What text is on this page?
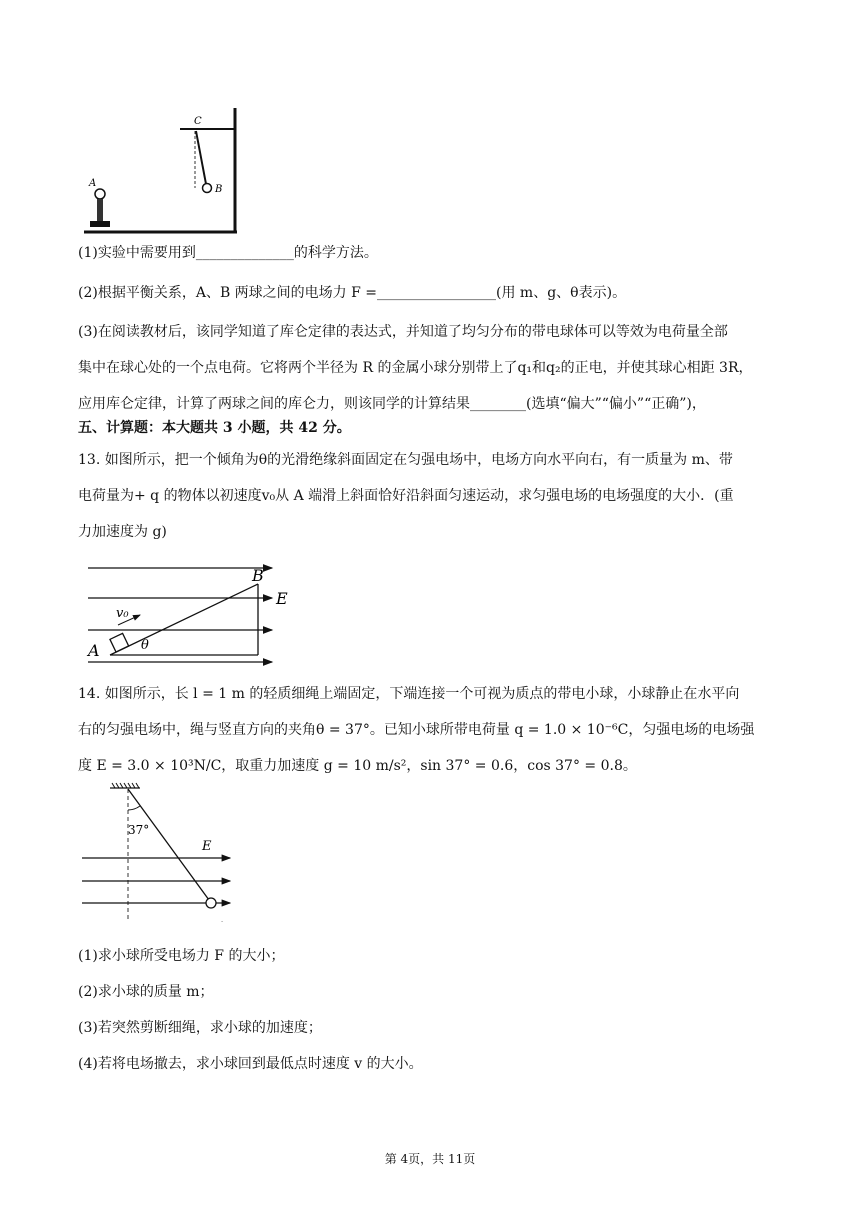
C
B
A
(1)实验中需要用到______________的科学方法。
(2)根据平衡关系，A、B 两球之间的电场力 F =_________________(用 m、g、θ表示)。
(3)在阅读教材后，该同学知道了库仑定律的表达式，并知道了均匀分布的带电球体可以等效为电荷量全部
集中在球心处的一个点电荷。它将两个半径为 R 的金属小球分别带上了q₁和q₂的正电，并使其球心相距 3R，
应用库仑定律，计算了两球之间的库仑力，则该同学的计算结果________(选填“偏大”“偏小”“正确”)，
五、计算题：本大题共 3 小题，共 42 分。
13. 如图所示，把一个倾角为θ的光滑绝缘斜面固定在匀强电场中，电场方向水平向右，有一质量为 m、带
电荷量为+ q 的物体以初速度v₀从 A 端滑上斜面恰好沿斜面匀速运动，求匀强电场的电场强度的大小．(重
力加速度为 g)
v₀
θ
A
B
E
14. 如图所示，长 l = 1 m 的轻质细绳上端固定，下端连接一个可视为质点的带电小球，小球静止在水平向
右的匀强电场中，绳与竖直方向的夹角θ = 37°。已知小球所带电荷量 q = 1.0 × 10⁻⁶C，匀强电场的电场强
度 E = 3.0 × 10³N/C，取重力加速度 g = 10 m/s²，sin 37° = 0.6，cos 37° = 0.8。
37°
E
(1)求小球所受电场力 F 的大小；
(2)求小球的质量 m；
(3)若突然剪断细绳，求小球的加速度；
(4)若将电场撤去，求小球回到最低点时速度 v 的大小。
第 4页，共 11页
